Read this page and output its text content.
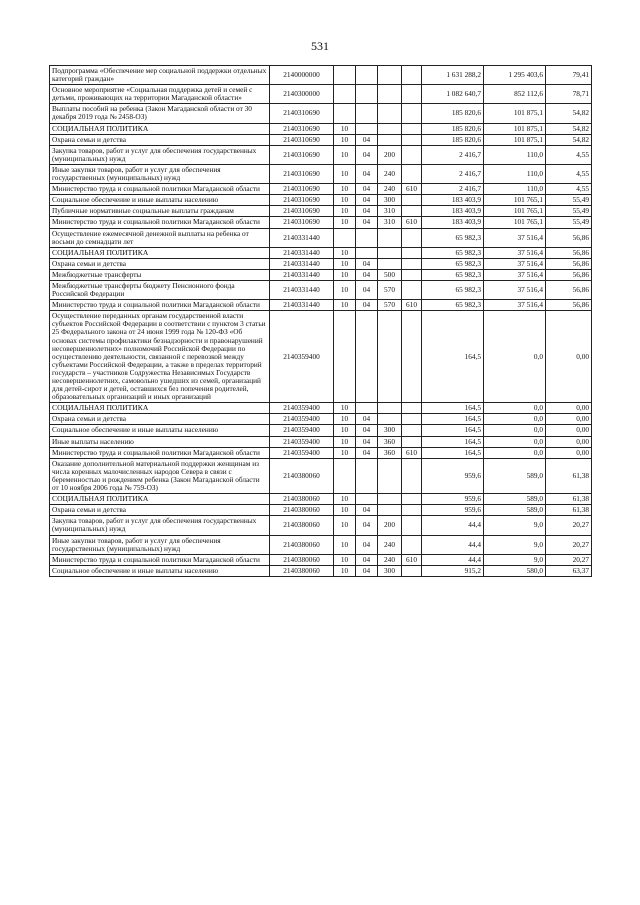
531
Подпрограмма «Обеспечение мер социальной поддержки отдельных категорий граждан»	2140000000					1 631 288,2	1 295 403,6	79,41
Основное мероприятие «Социальная поддержка детей и семей с детьми, проживающих на территории Магаданской области»	2140300000					1 082 640,7	852 112,6	78,71
Выплаты пособий на ребенка (Закон Магаданской области от 30 декабря 2019 года № 2458-ОЗ)	2140310690					185 820,6	101 875,1	54,82
СОЦИАЛЬНАЯ ПОЛИТИКА	2140310690	10				185 820,6	101 875,1	54,82
Охрана семьи и детства	2140310690	10	04			185 820,6	101 875,1	54,82
Закупка товаров, работ и услуг для обеспечения государственных (муниципальных) нужд	2140310690	10	04	200		2 416,7	110,0	4,55
Иные закупки товаров, работ и услуг для обеспечения государственных (муниципальных) нужд	2140310690	10	04	240		2 416,7	110,0	4,55
Министерство труда и социальной политики Магаданской области	2140310690	10	04	240	610	2 416,7	110,0	4,55
Социальное обеспечение и иные выплаты населению	2140310690	10	04	300		183 403,9	101 765,1	55,49
Публичные нормативные социальные выплаты гражданам	2140310690	10	04	310		183 403,9	101 765,1	55,49
Министерство труда и социальной политики Магаданской области	2140310690	10	04	310	610	183 403,9	101 765,1	55,49
Осуществление ежемесячной денежной выплаты на ребенка от восьми до семнадцати лет	2140331440					65 982,3	37 516,4	56,86
СОЦИАЛЬНАЯ ПОЛИТИКА	2140331440	10				65 982,3	37 516,4	56,86
Охрана семьи и детства	2140331440	10	04			65 982,3	37 516,4	56,86
Межбюджетные трансферты	2140331440	10	04	500		65 982,3	37 516,4	56,86
Межбюджетные трансферты бюджету Пенсионного фонда Российской Федерации	2140331440	10	04	570		65 982,3	37 516,4	56,86
Министерство труда и социальной политики Магаданской области	2140331440	10	04	570	610	65 982,3	37 516,4	56,86
Осуществление переданных органам государственной власти субъектов Российской Федерации в соответствии с пунктом 3 статьи 25 Федерального закона от 24 июня 1999 года № 120-ФЗ «Об основах системы профилактики безнадзорности и правонарушений несовершеннолетних» полномочий Российской Федерации по осуществлению деятельности, связанной с перевозкой между субъектами Российской Федерации, а также в пределах территорий государств – участников Содружества Независимых Государств несовершеннолетних, самовольно ушедших из семей, организаций для детей-сирот и детей, оставшихся без попечения родителей, образовательных организаций и иных организаций	2140359400					164,5	0,0	0,00
СОЦИАЛЬНАЯ ПОЛИТИКА	2140359400	10				164,5	0,0	0,00
Охрана семьи и детства	2140359400	10	04			164,5	0,0	0,00
Социальное обеспечение и иные выплаты населению	2140359400	10	04	300		164,5	0,0	0,00
Иные выплаты населению	2140359400	10	04	360		164,5	0,0	0,00
Министерство труда и социальной политики Магаданской области	2140359400	10	04	360	610	164,5	0,0	0,00
Оказание дополнительной материальной поддержки женщинам из числа коренных малочисленных народов Севера в связи с беременностью и рождением ребенка (Закон Магаданской области от 10 ноября 2006 года № 759-ОЗ)	2140380060					959,6	589,0	61,38
СОЦИАЛЬНАЯ ПОЛИТИКА	2140380060	10				959,6	589,0	61,38
Охрана семьи и детства	2140380060	10	04			959,6	589,0	61,38
Закупка товаров, работ и услуг для обеспечения государственных (муниципальных) нужд	2140380060	10	04	200		44,4	9,0	20,27
Иные закупки товаров, работ и услуг для обеспечения государственных (муниципальных) нужд	2140380060	10	04	240		44,4	9,0	20,27
Министерство труда и социальной политики Магаданской области	2140380060	10	04	240	610	44,4	9,0	20,27
Социальное обеспечение и иные выплаты населению	2140380060	10	04	300		915,2	580,0	63,37
